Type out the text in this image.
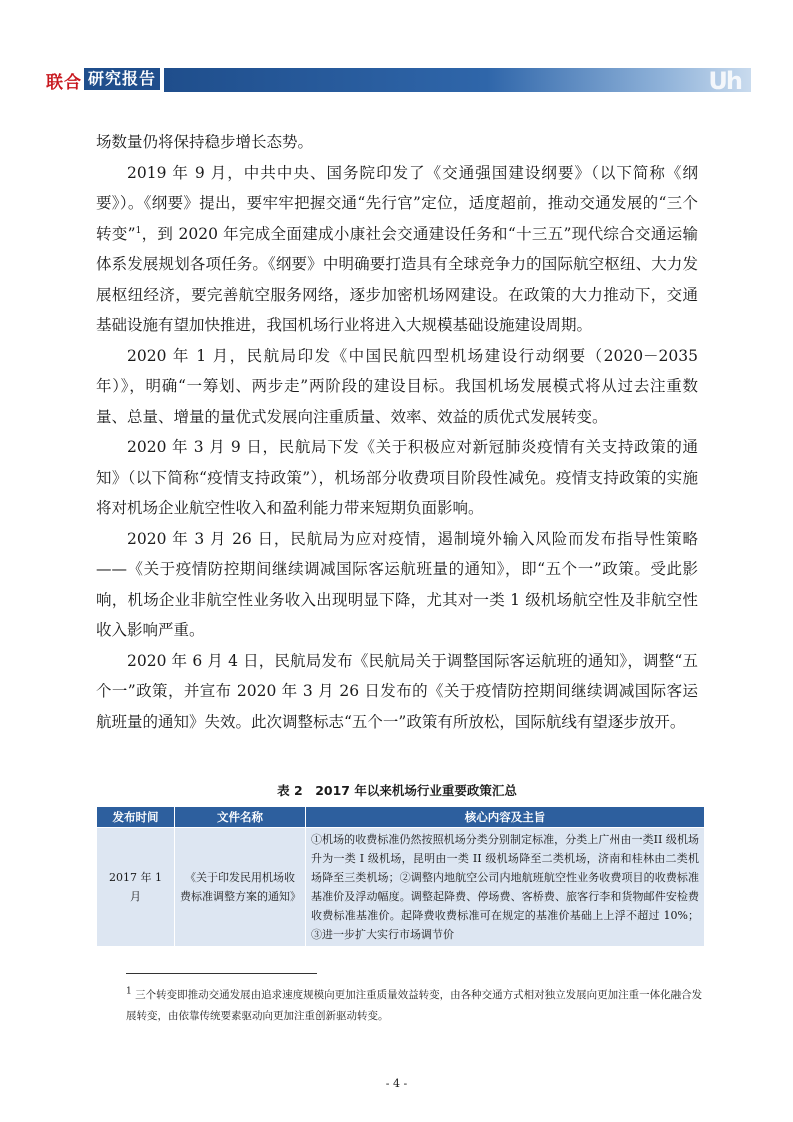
联合 研究报告	Uh

场数量仍将保持稳步增长态势。

2019 年 9 月，中共中央、国务院印发了《交通强国建设纲要》（以下简称《纲要》）。《纲要》提出，要牢牢把握交通“先行官”定位，适度超前，推动交通发展的“三个转变”$^1$，到 2020 年完成全面建成小康社会交通建设任务和“十三五”现代综合交通运输体系发展规划各项任务。《纲要》中明确要打造具有全球竞争力的国际航空枢纽、大力发展枢纽经济，要完善航空服务网络，逐步加密机场网建设。在政策的大力推动下，交通基础设施有望加快推进，我国机场行业将进入大规模基础设施建设周期。

2020 年 1 月，民航局印发《中国民航四型机场建设行动纲要（2020－2035 年）》，明确“一筹划、两步走”两阶段的建设目标。我国机场发展模式将从过去注重数量、总量、增量的量优式发展向注重质量、效率、效益的质优式发展转变。

2020 年 3 月 9 日，民航局下发《关于积极应对新冠肺炎疫情有关支持政策的通知》（以下简称“疫情支持政策”），机场部分收费项目阶段性减免。疫情支持政策的实施将对机场企业航空性收入和盈利能力带来短期负面影响。

2020 年 3 月 26 日，民航局为应对疫情，遏制境外输入风险而发布指导性策略——《关于疫情防控期间继续调减国际客运航班量的通知》，即“五个一”政策。受此影响，机场企业非航空性业务收入出现明显下降，尤其对一类 1 级机场航空性及非航空性收入影响严重。

2020 年 6 月 4 日，民航局发布《民航局关于调整国际客运航班的通知》，调整“五个一”政策，并宣布 2020 年 3 月 26 日发布的《关于疫情防控期间继续调减国际客运航班量的通知》失效。此次调整标志“五个一”政策有所放松，国际航线有望逐步放开。

表 2　2017 年以来机场行业重要政策汇总
发布时间	文件名称	核心内容及主旨
2017 年 1 月	《关于印发民用机场收费标准调整方案的通知》	①机场的收费标准仍然按照机场分类分别制定标准，分类上广州由一类II 级机场升为一类 I 级机场，昆明由一类 II 级机场降至二类机场，济南和桂林由二类机场降至三类机场；②调整内地航空公司内地航班航空性业务收费项目的收费标准基准价及浮动幅度。调整起降费、停场费、客桥费、旅客行李和货物邮件安检费收费标准基准价。起降费收费标准可在规定的基准价基础上上浮不超过 10%；③进一步扩大实行市场调节价
$^1$ 三个转变即推动交通发展由追求速度规模向更加注重质量效益转变，由各种交通方式相对独立发展向更加注重一体化融合发展转变，由依靠传统要素驱动向更加注重创新驱动转变。
- 4 -
